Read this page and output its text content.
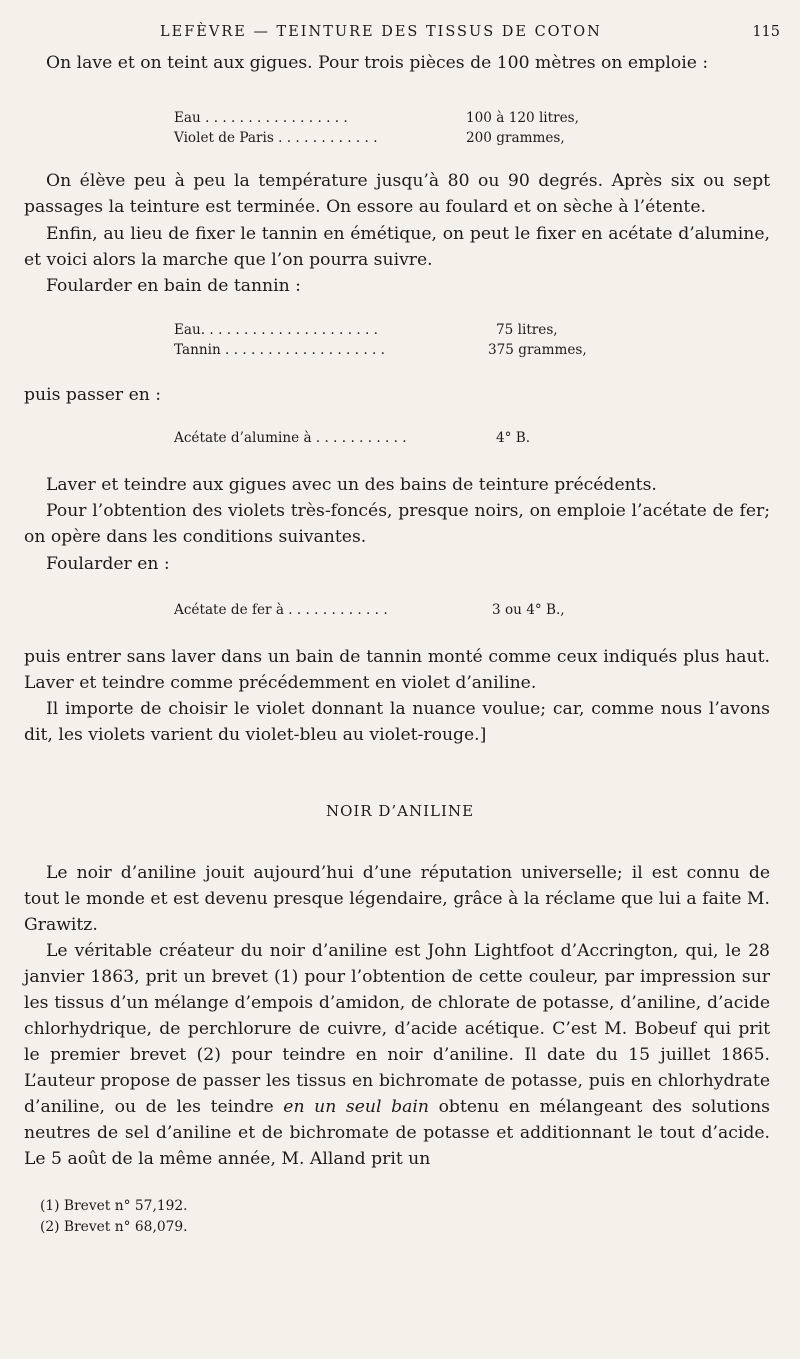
LEFÈVRE — TEINTURE DES TISSUS DE COTON	115

On lave et on teint aux gigues. Pour trois pièces de 100 mètres on emploie :

Eau . . . . . . . . . . . . . . . . .	100 à 120 litres,
Violet de Paris . . . . . . . . . . . .	200 grammes,

On élève peu à peu la température jusqu’à 80 ou 90 degrés. Après six ou sept passages la teinture est terminée. On essore au foulard et on sèche à l’étente.

Enfin, au lieu de fixer le tannin en émétique, on peut le fixer en acétate d’alumine, et voici alors la marche que l’on pourra suivre.

Foularder en bain de tannin :

Eau. . . . . . . . . . . . . . . . . . . . .	75 litres,
Tannin . . . . . . . . . . . . . . . . . . .	375 grammes,

puis passer en :

Acétate d’alumine à . . . . . . . . . . .	4° B.

Laver et teindre aux gigues avec un des bains de teinture précédents.

Pour l’obtention des violets très-foncés, presque noirs, on emploie l’acétate de fer; on opère dans les conditions suivantes.

Foularder en :

Acétate de fer à . . . . . . . . . . . .	3 ou 4° B.,

puis entrer sans laver dans un bain de tannin monté comme ceux indiqués plus haut. Laver et teindre comme précédemment en violet d’aniline.

Il importe de choisir le violet donnant la nuance voulue; car, comme nous l’avons dit, les violets varient du violet-bleu au violet-rouge.]

NOIR D’ANILINE

Le noir d’aniline jouit aujourd’hui d’une réputation universelle; il est connu de tout le monde et est devenu presque légendaire, grâce à la réclame que lui a faite M. Grawitz.

Le véritable créateur du noir d’aniline est John Lightfoot d’Accrington, qui, le 28 janvier 1863, prit un brevet (1) pour l’obtention de cette couleur, par impression sur les tissus d’un mélange d’empois d’amidon, de chlorate de potasse, d’aniline, d’acide chlorhydrique, de perchlorure de cuivre, d’acide acétique. C’est M. Bobeuf qui prit le premier brevet (2) pour teindre en noir d’aniline. Il date du 15 juillet 1865. L’auteur propose de passer les tissus en bichromate de potasse, puis en chlorhydrate d’aniline, ou de les teindre en un seul bain obtenu en mélangeant des solutions neutres de sel d’aniline et de bichromate de potasse et additionnant le tout d’acide. Le 5 août de la même année, M. Alland prit un

(1) Brevet n° 57,192.
(2) Brevet n° 68,079.
